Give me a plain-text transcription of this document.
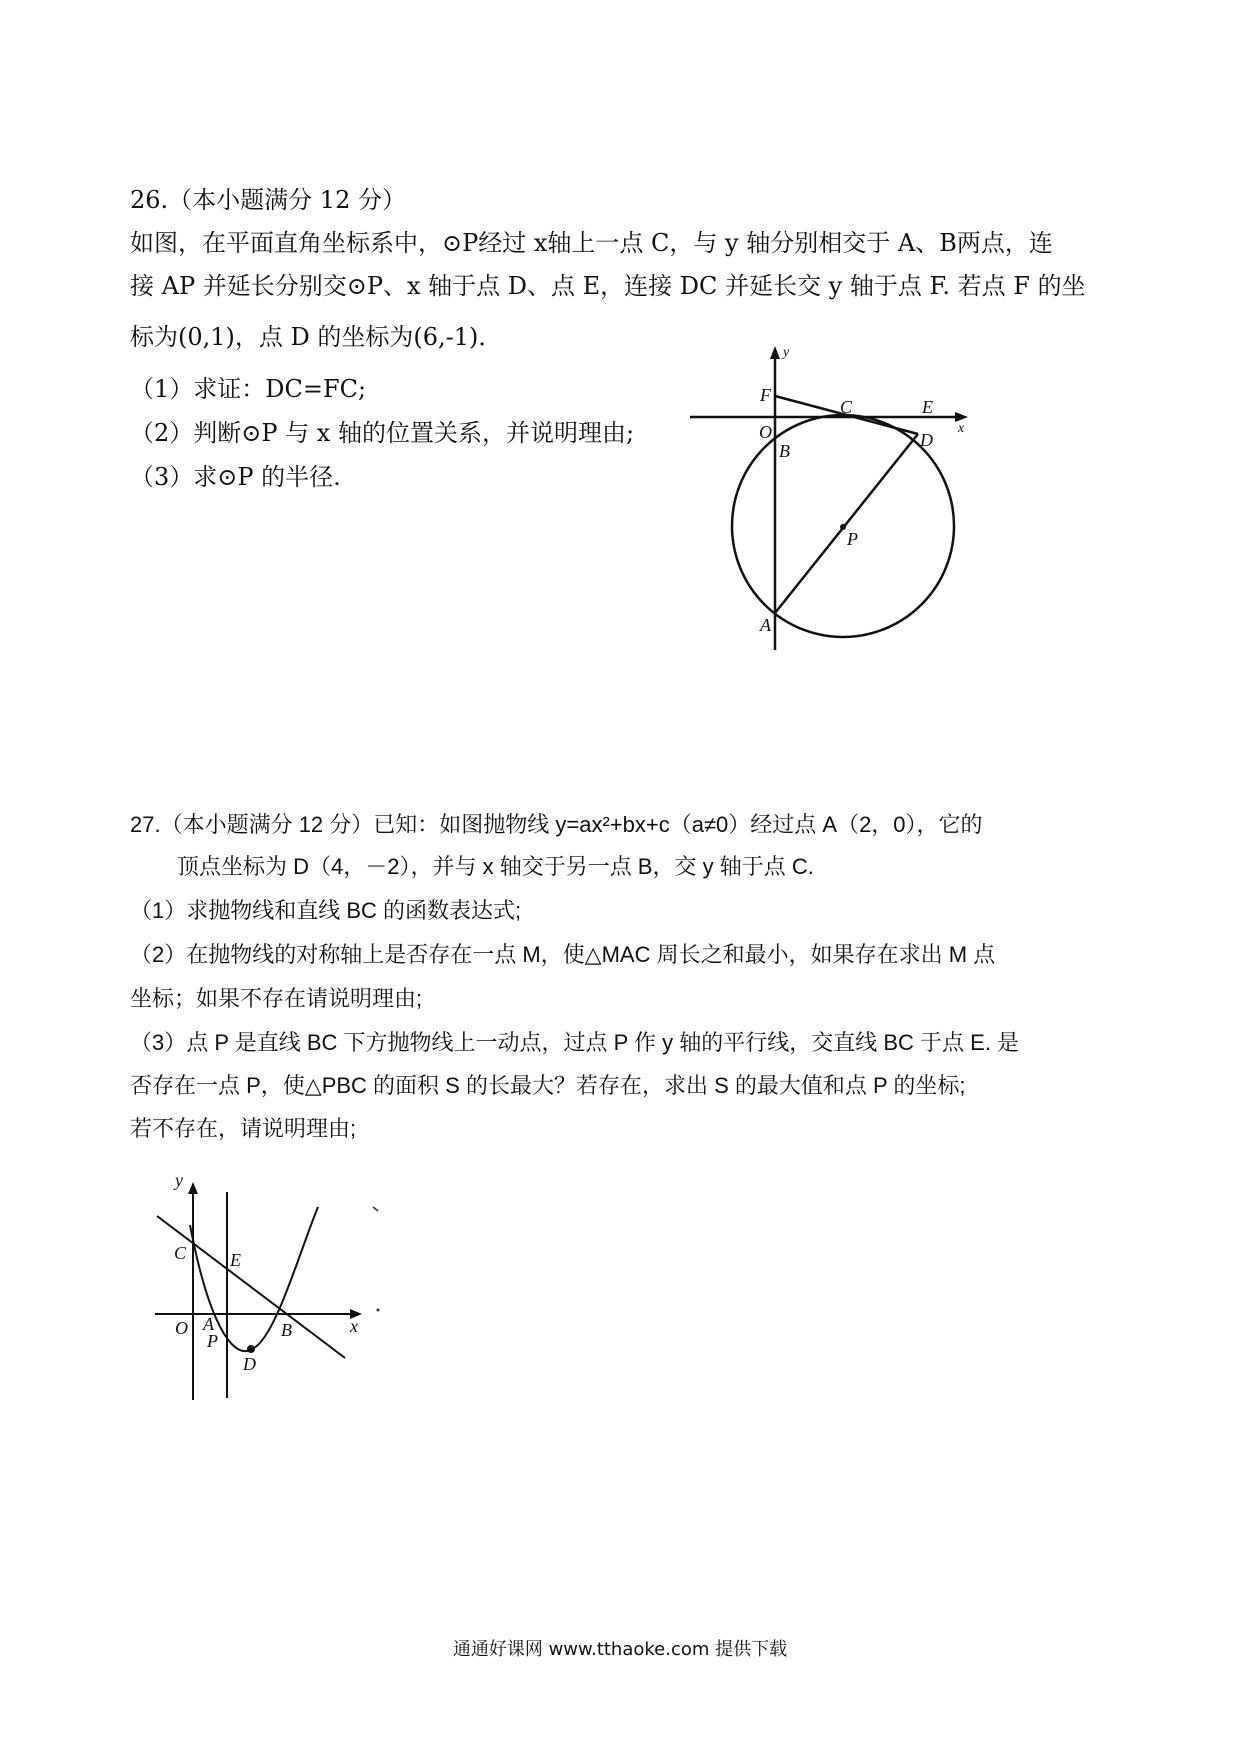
26.（本小题满分 12 分）
如图，在平面直角坐标系中，⊙P经过 x轴上一点 C，与 y 轴分别相交于 A、B两点，连
接 AP 并延长分别交⊙P、x 轴于点 D、点 E，连接 DC 并延长交 y 轴于点 F. 若点 F 的坐
标为(0,1)，点 D 的坐标为(6,-1)．
（1）求证：DC=FC;
（2）判断⊙P 与 x 轴的位置关系，并说明理由;
（3）求⊙P 的半径.
y
x
F
C	E
O	D
B
P
A
27.（本小题满分 12 分）已知：如图抛物线 y=ax²+bx+c（a≠0）经过点 A（2，0），它的
顶点坐标为 D（4，－2），并与 x 轴交于另一点 B，交 y 轴于点 C.
（1）求抛物线和直线 BC 的函数表达式;
（2）在抛物线的对称轴上是否存在一点 M，使△MAC 周长之和最小，如果存在求出 M 点
坐标；如果不存在请说明理由;
（3）点 P 是直线 BC 下方抛物线上一动点，过点 P 作 y 轴的平行线，交直线 BC 于点 E. 是
否存在一点 P，使△PBC 的面积 S 的长最大？若存在，求出 S 的最大值和点 P 的坐标;
若不存在，请说明理由;
y
x
C E
O A	B
P
D
通通好课网 www.tthaoke.com 提供下载
